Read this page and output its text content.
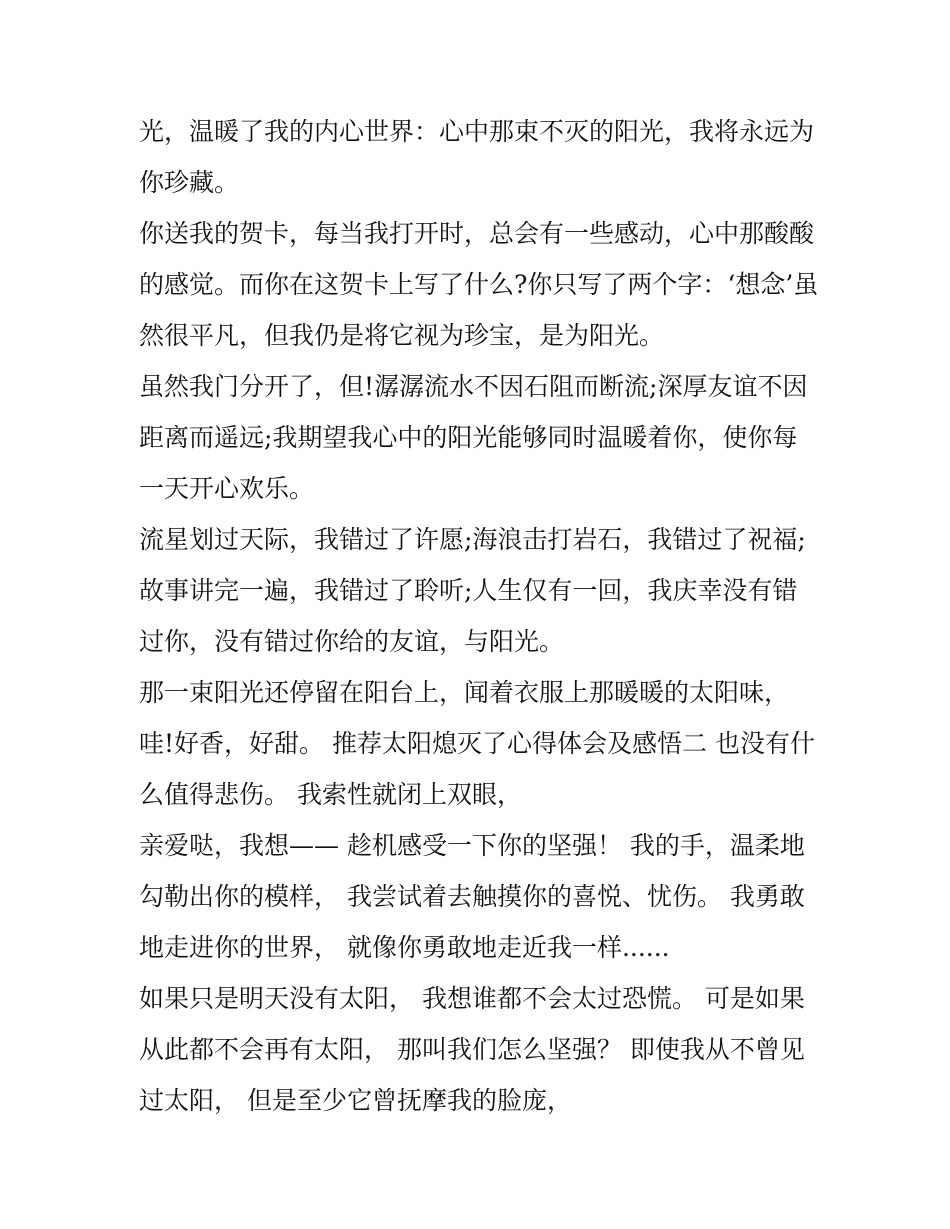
光，温暖了我的内心世界：心中那束不灭的阳光，我将永远为
你珍藏。
你送我的贺卡，每当我打开时，总会有一些感动，心中那酸酸
的感觉。而你在这贺卡上写了什么?你只写了两个字：‘想念’虽
然很平凡，但我仍是将它视为珍宝，是为阳光。
虽然我门分开了，但!潺潺流水不因石阻而断流;深厚友谊不因
距离而遥远;我期望我心中的阳光能够同时温暖着你，使你每
一天开心欢乐。
流星划过天际，我错过了许愿;海浪击打岩石，我错过了祝福;
故事讲完一遍，我错过了聆听;人生仅有一回，我庆幸没有错
过你，没有错过你给的友谊，与阳光。
那一束阳光还停留在阳台上，闻着衣服上那暖暖的太阳味，
哇!好香，好甜。 推荐太阳熄灭了心得体会及感悟二 也没有什
么值得悲伤。 我索性就闭上双眼，
亲爱哒，我想—— 趁机感受一下你的坚强！ 我的手，温柔地
勾勒出你的模样， 我尝试着去触摸你的喜悦、忧伤。 我勇敢
地走进你的世界， 就像你勇敢地走近我一样......
如果只是明天没有太阳， 我想谁都不会太过恐慌。 可是如果
从此都不会再有太阳， 那叫我们怎么坚强？ 即使我从不曾见
过太阳， 但是至少它曾抚摩我的脸庞，
